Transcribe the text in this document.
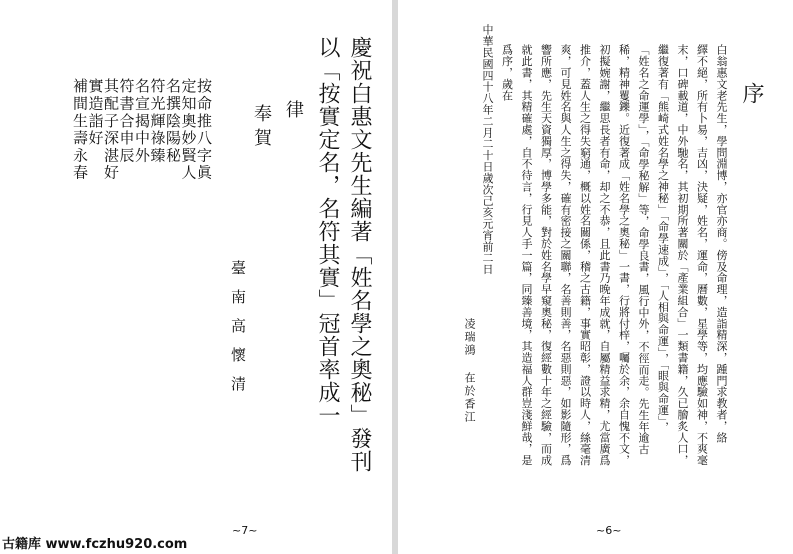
按命推八字眞
定知奧妙賢人
名撰陰陽秘
符光輝祿臻
名宣揭中外
符書合申辰
其配子深湛好
實造詣好
補間生壽永春	慶祝白惠文先生編著「姓名學之奧秘」發刊
以「按實定名，名符其實」冠首率成一
律
奉賀
臺南高懷清
~7~
序
白翁惠文老先生，學問淵博，亦官亦商。傍及命理，造詣精深，踵門求教者，絡
繹不絕，所有卜易，吉凶，決疑，姓名，運命，曆數，星學等，均應驗如神，不爽毫
末，口碑載道，中外馳名，其初期所著關於「產業組合」一類書籍，久已膾炙人口，
繼復著有「熊崎式姓名學之神秘」「命學速成」，「人相與命運」，「眼與命運」，
「姓名之命運學」，「命學秘解」等，命學良書，風行中外，不徑而走。先生年逾古
稀，精神矍鑠。近復著成「姓名學之奧秘」一書，行將付梓，囑於余，余自愧不文，
初擬婉謝，繼思長者有命，却之不恭，且此書乃晚年成就，自屬精益求精，尤當廣爲
推介，蓋人生之得失窮通，概以姓名關係，稽之古籍，事實昭彰，證以時人，絲毫清
爽，可見姓名與人生之得失，確有密接之關聯，名善則善，名惡則惡，如影隨形，爲
響所應，先生天資獨厚，博學多能，對於姓名學早窺奧秘，復經數十年之經驗，而成
就此書，其精確處，自不待言，行見人手一篇，同臻善境，其造福人群豈淺鮮哉，是
爲序，歲在
中華民國四十八年二月二十日歲次己亥元宵前二日
凌瑞鴻 在於香江
~6~
古籍库 www.fczhu920.com
